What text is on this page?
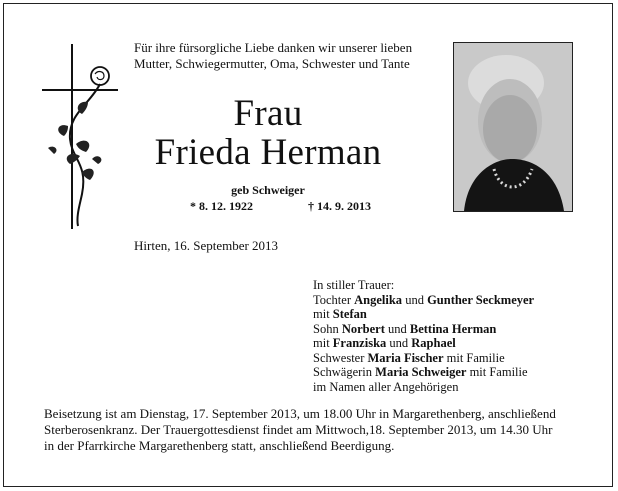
Für ihre fürsorgliche Liebe danken wir unserer lieben
Mutter, Schwiegermutter, Oma, Schwester und Tante
Frau
Frieda Herman
geb Schweiger
* 8. 12. 1922	† 14. 9. 2013
Hirten, 16. September 2013
In stiller Trauer:
Tochter Angelika und Gunther Seckmeyer
mit Stefan
Sohn Norbert und Bettina Herman
mit Franziska und Raphael
Schwester Maria Fischer mit Familie
Schwägerin Maria Schweiger mit Familie
im Namen aller Angehörigen
Beisetzung ist am Dienstag, 17. September 2013, um 18.00 Uhr in Margarethenberg, anschließend
Sterberosenkranz. Der Trauergottesdienst findet am Mittwoch,18. September 2013, um 14.30 Uhr
in der Pfarrkirche Margarethenberg statt, anschließend Beerdigung.
